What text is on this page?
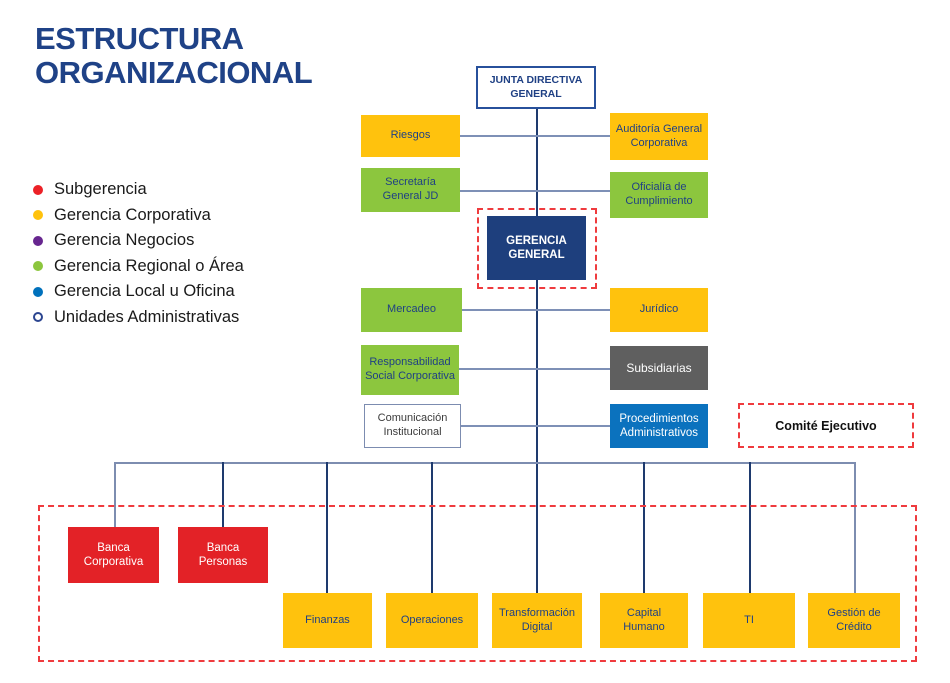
ESTRUCTURA
ORGANIZACIONAL
Subgerencia
Gerencia Corporativa
Gerencia Negocios
Gerencia Regional o Área
Gerencia Local u Oficina
Unidades Administrativas
Comité Ejecutivo
JUNTA DIRECTIVA GENERAL
Riesgos
Auditoría General Corporativa
Secretaría General JD
Oficialía de Cumplimiento
GERENCIA GENERAL
Mercadeo	Jurídico
Responsabilidad Social Corporativa
Subsidiarias
Comunicación Institucional
Procedimientos Administrativos
Banca Corporativa
Banca Personas
Finanzas	Operaciones
Transformación Digital
Capital Humano
TI
Gestión de Crédito
